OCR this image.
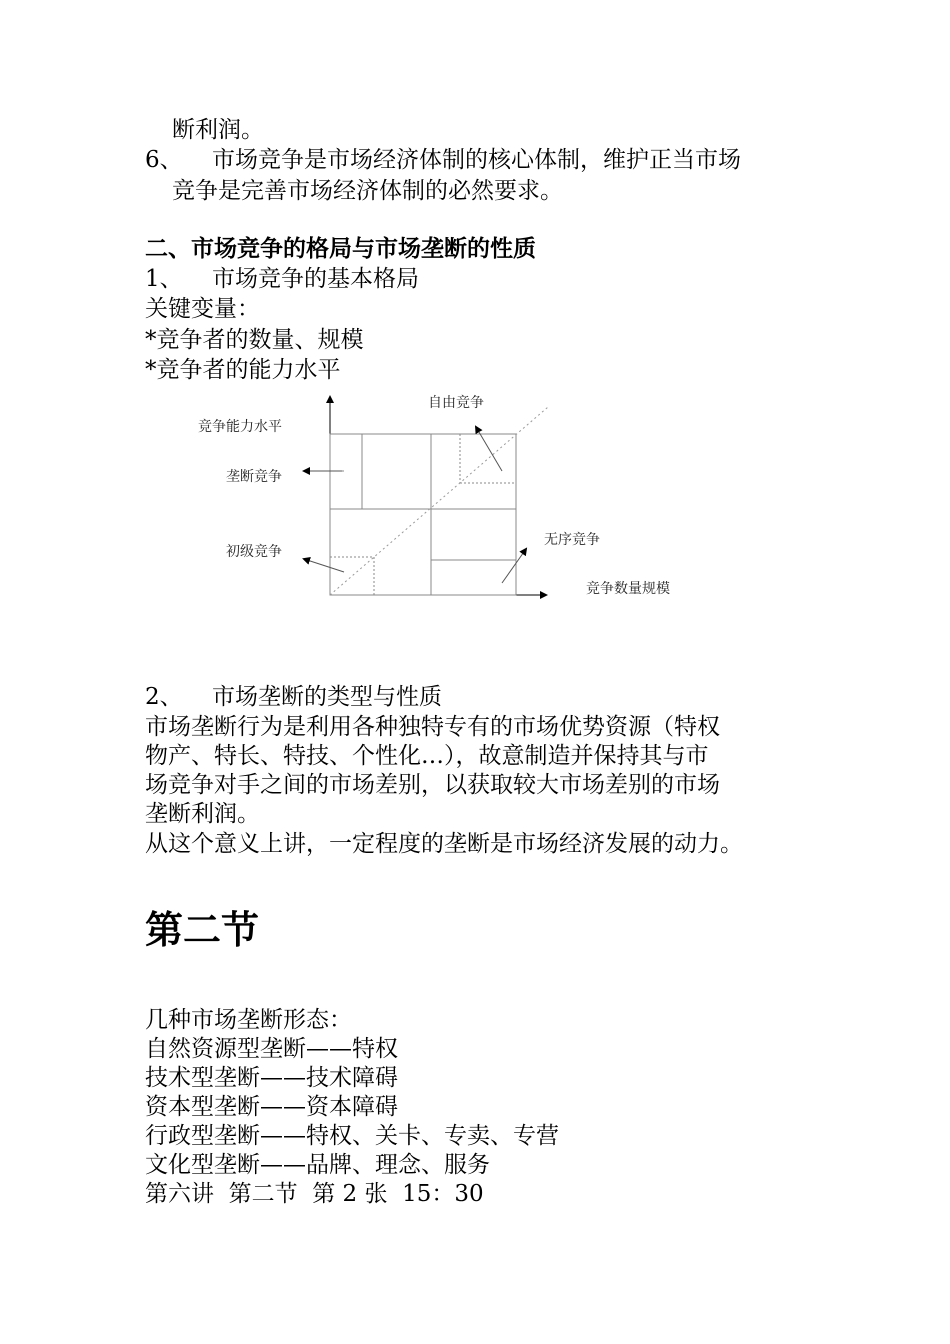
断利润。
6、 市场竞争是市场经济体制的核心体制，维护正当市场
竞争是完善市场经济体制的必然要求。
二、市场竞争的格局与市场垄断的性质
1、 市场竞争的基本格局
关键变量：
*竞争者的数量、规模
*竞争者的能力水平
竞争能力水平
自由竞争
垄断竞争
初级竞争
无序竞争
竞争数量规模
2、 市场垄断的类型与性质
市场垄断行为是利用各种独特专有的市场优势资源（特权
物产、特长、特技、个性化…），故意制造并保持其与市
场竞争对手之间的市场差别，以获取较大市场差别的市场
垄断利润。
从这个意义上讲，一定程度的垄断是市场经济发展的动力。
第二节
几种市场垄断形态：
自然资源型垄断——特权
技术型垄断——技术障碍
资本型垄断——资本障碍
行政型垄断——特权、关卡、专卖、专营
文化型垄断——品牌、理念、服务
第六讲  第二节  第 2 张  15：30
